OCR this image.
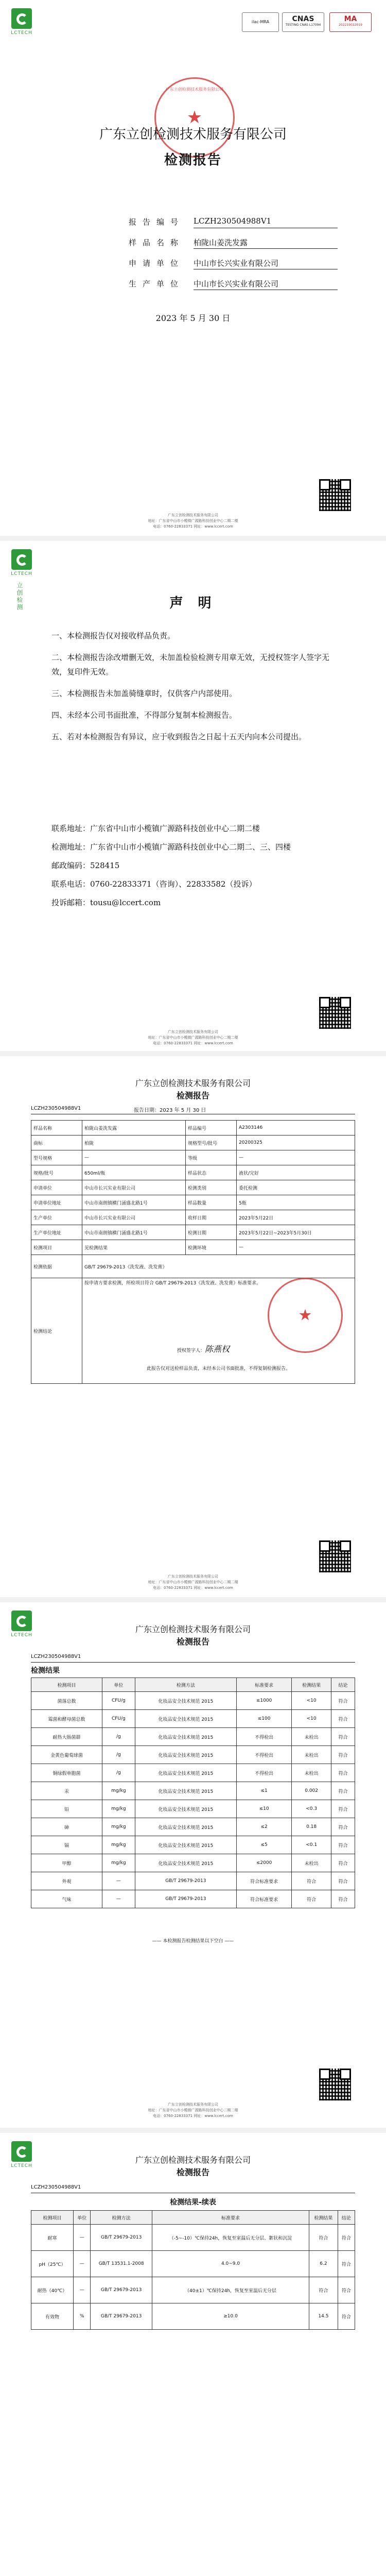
LCTECH
ilac-MRA	CNAS
TESTING CNAS L17094
MA
202219022019
广东立创检测技术服务有限公司
★
广东立创检测技术服务有限公司
检测报告
报告编号 LCZH230504988V1
样品名称 柏陇山姜洗发露
申请单位 中山市长兴实业有限公司
生产单位 中山市长兴实业有限公司
2023 年 5 月 30 日
广东立创检测技术服务有限公司
地址：广东省中山市小榄镇广源路科技创业中心二期二楼
电话：0760-22833371 网址：www.lccert.com
LCTECH
立创检测	声 明

一、本检测报告仅对接收样品负责。

二、本检测报告涂改增删无效，未加盖检验检测专用章无效，无授权签字人签字无效，复印件无效。

三、本检测报告未加盖骑缝章时，仅供客户内部使用。

四、未经本公司书面批准，不得部分复制本检测报告。

五、若对本检测报告有异议，应于收到报告之日起十五天内向本公司提出。

联系地址：广东省中山市小榄镇广源路科技创业中心二期二楼
检测地址：广东省中山市小榄镇广源路科技创业中心二期二、三、四楼
邮政编码：528415
联系电话：0760-22833371（咨询）、22833582（投诉）
投诉邮箱：tousu@lccert.com
广东立创检测技术服务有限公司
地址：广东省中山市小榄镇广源路科技创业中心二期二楼
电话：0760-22833371 网址：www.lccert.com
广东立创检测技术服务有限公司
检测报告
LCZH230504988V1	报告日期：2023 年 5 月 30 日
样品名称	柏陇山姜洗发露	样品编号	A2303146
商标	柏陇	规格型号/批号	20200325
型号规格	—	等级	—
规格/批号	650ml/瓶	样品状态	液状/完好
申请单位	中山市长兴实业有限公司	检测类别	委托检测
申请单位地址	中山市南朗镇横门涌盛北路1号	样品数量	5瓶
生产单位	中山市长兴实业有限公司	收样日期	2023年5月22日
生产单位地址	中山市南朗镇横门涌盛北路1号	检测日期	2023年5月22日~2023年5月30日
检测项目	见检测结果	检测环境	—
检测依据	GB/T 29679-2013《洗发液、洗发膏》		
检测结论	按申请方要求检测，所检项目符合 GB/T 29679-2013《洗发液、洗发膏》标准要求。
授权签字人：陈燕权
此报告仅对送检样品负责，未经本公司书面批准，不得复制检测报告。		
★
广东立创检测技术服务有限公司
地址：广东省中山市小榄镇广源路科技创业中心二期二楼
电话：0760-22833371 网址：www.lccert.com
LCTECH
广东立创检测技术服务有限公司
检测报告
LCZH230504988V1
检测结果
检测项目	单位	检测方法	标准要求	检测结果	结论
菌落总数	CFU/g	化妆品安全技术规范 2015	≤1000	<10	符合
霉菌和酵母菌总数	CFU/g	化妆品安全技术规范 2015	≤100	<10	符合
耐热大肠菌群	/g	化妆品安全技术规范 2015	不得检出	未检出	符合
金黄色葡萄球菌	/g	化妆品安全技术规范 2015	不得检出	未检出	符合
铜绿假单胞菌	/g	化妆品安全技术规范 2015	不得检出	未检出	符合
汞	mg/kg	化妆品安全技术规范 2015	≤1	0.002	符合
铅	mg/kg	化妆品安全技术规范 2015	≤10	<0.3	符合
砷	mg/kg	化妆品安全技术规范 2015	≤2	0.18	符合
镉	mg/kg	化妆品安全技术规范 2015	≤5	<0.1	符合
甲醇	mg/kg	化妆品安全技术规范 2015	≤2000	未检出	符合
外观	—	GB/T 29679-2013	符合标准要求	符合	符合
气味	—	GB/T 29679-2013	符合标准要求	符合	符合
—— 本检测报告检测结果以下空白 ——
广东立创检测技术服务有限公司
地址：广东省中山市小榄镇广源路科技创业中心二期二楼
电话：0760-22833371 网址：www.lccert.com
LCTECH
广东立创检测技术服务有限公司
检测报告
LCZH230504988V1
检测结果-续表
检测项目	单位	检测方法	标准要求	检测结果	结论
耐寒	—	GB/T 29679-2013	（-5~-10）℃保持24h，恢复至室温后无分层、絮状和沉淀	符合	符合
pH（25℃）	—	GB/T 13531.1-2008	4.0~9.0	6.2	符合
耐热（40℃）	—	GB/T 29679-2013	（40±1）℃保持24h，恢复至室温后无分层	符合	符合
有效物	%	GB/T 29679-2013	≥10.0	14.5	符合
